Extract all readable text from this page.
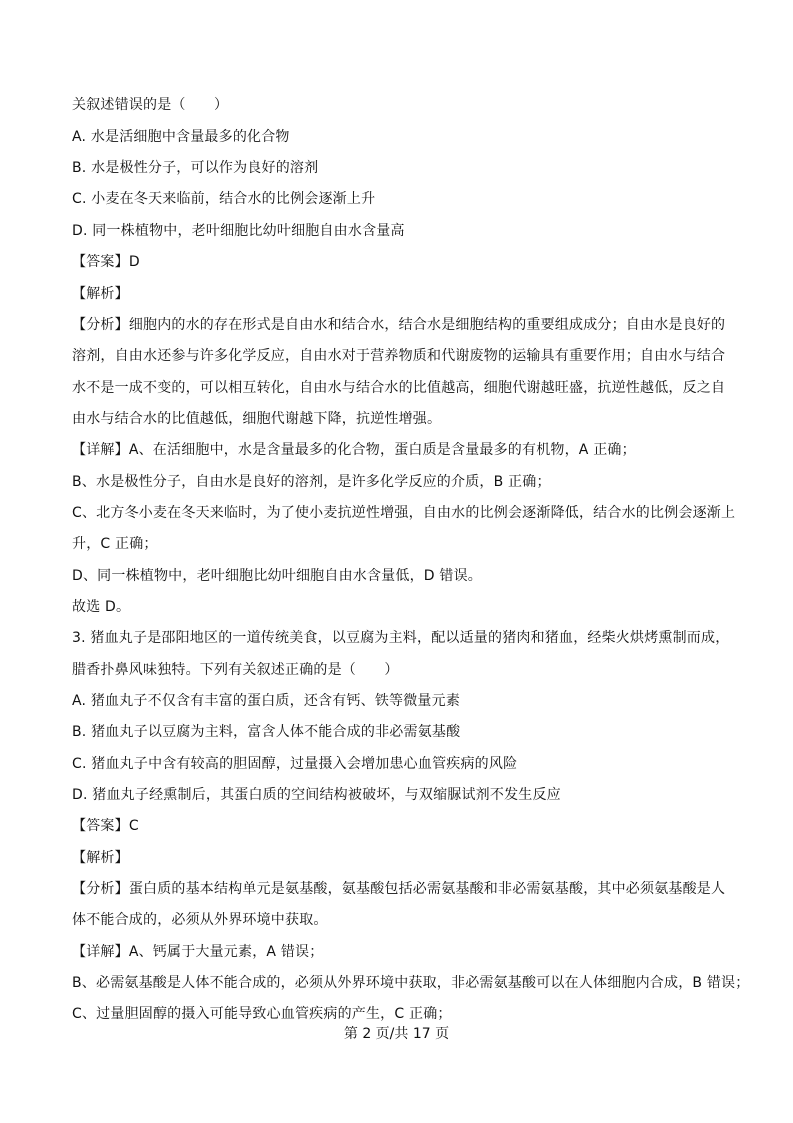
关叙述错误的是（　　）
A. 水是活细胞中含量最多的化合物
B. 水是极性分子，可以作为良好的溶剂
C. 小麦在冬天来临前，结合水的比例会逐渐上升
D. 同一株植物中，老叶细胞比幼叶细胞自由水含量高
【答案】D
【解析】
【分析】细胞内的水的存在形式是自由水和结合水，结合水是细胞结构的重要组成成分；自由水是良好的
溶剂，自由水还参与许多化学反应，自由水对于营养物质和代谢废物的运输具有重要作用；自由水与结合
水不是一成不变的，可以相互转化，自由水与结合水的比值越高，细胞代谢越旺盛，抗逆性越低，反之自
由水与结合水的比值越低，细胞代谢越下降，抗逆性增强。
【详解】A、在活细胞中，水是含量最多的化合物，蛋白质是含量最多的有机物，A 正确；
B、水是极性分子，自由水是良好的溶剂，是许多化学反应的介质，B 正确；
C、北方冬小麦在冬天来临时，为了使小麦抗逆性增强，自由水的比例会逐渐降低，结合水的比例会逐渐上
升，C 正确；
D、同一株植物中，老叶细胞比幼叶细胞自由水含量低，D 错误。
故选 D。
3. 猪血丸子是邵阳地区的一道传统美食，以豆腐为主料，配以适量的猪肉和猪血，经柴火烘烤熏制而成，
腊香扑鼻风味独特。下列有关叙述正确的是（　　）
A. 猪血丸子不仅含有丰富的蛋白质，还含有钙、铁等微量元素
B. 猪血丸子以豆腐为主料，富含人体不能合成的非必需氨基酸
C. 猪血丸子中含有较高的胆固醇，过量摄入会增加患心血管疾病的风险
D. 猪血丸子经熏制后，其蛋白质的空间结构被破坏，与双缩脲试剂不发生反应
【答案】C
【解析】
【分析】蛋白质的基本结构单元是氨基酸，氨基酸包括必需氨基酸和非必需氨基酸，其中必须氨基酸是人
体不能合成的，必须从外界环境中获取。
【详解】A、钙属于大量元素，A 错误；
B、必需氨基酸是人体不能合成的，必须从外界环境中获取，非必需氨基酸可以在人体细胞内合成，B 错误；
C、过量胆固醇的摄入可能导致心血管疾病的产生，C 正确；
第 2 页/共 17 页
